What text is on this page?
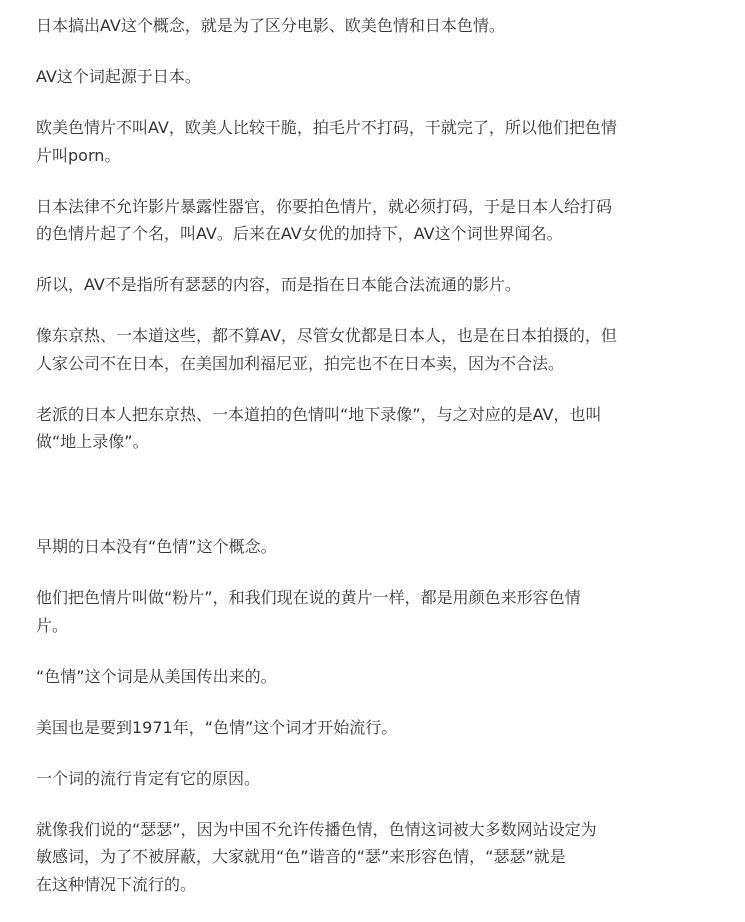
日本搞出AV这个概念，就是为了区分电影、欧美色情和日本色情。

AV这个词起源于日本。

欧美色情片不叫AV，欧美人比较干脆，拍毛片不打码，干就完了，所以他们把色情
片叫porn。

日本法律不允许影片暴露性器官，你要拍色情片，就必须打码，于是日本人给打码
的色情片起了个名，叫AV。后来在AV女优的加持下，AV这个词世界闻名。

所以，AV不是指所有瑟瑟的内容，而是指在日本能合法流通的影片。

像东京热、一本道这些，都不算AV，尽管女优都是日本人，也是在日本拍摄的，但
人家公司不在日本，在美国加利福尼亚，拍完也不在日本卖，因为不合法。

老派的日本人把东京热、一本道拍的色情叫“地下录像”，与之对应的是AV，也叫
做“地上录像”。

早期的日本没有“色情”这个概念。

他们把色情片叫做“粉片”，和我们现在说的黄片一样，都是用颜色来形容色情
片。

“色情”这个词是从美国传出来的。

美国也是要到1971年，“色情”这个词才开始流行。

一个词的流行肯定有它的原因。

就像我们说的“瑟瑟”，因为中国不允许传播色情，色情这词被大多数网站设定为
敏感词，为了不被屏蔽，大家就用“色”谐音的“瑟”来形容色情，“瑟瑟”就是
在这种情况下流行的。
